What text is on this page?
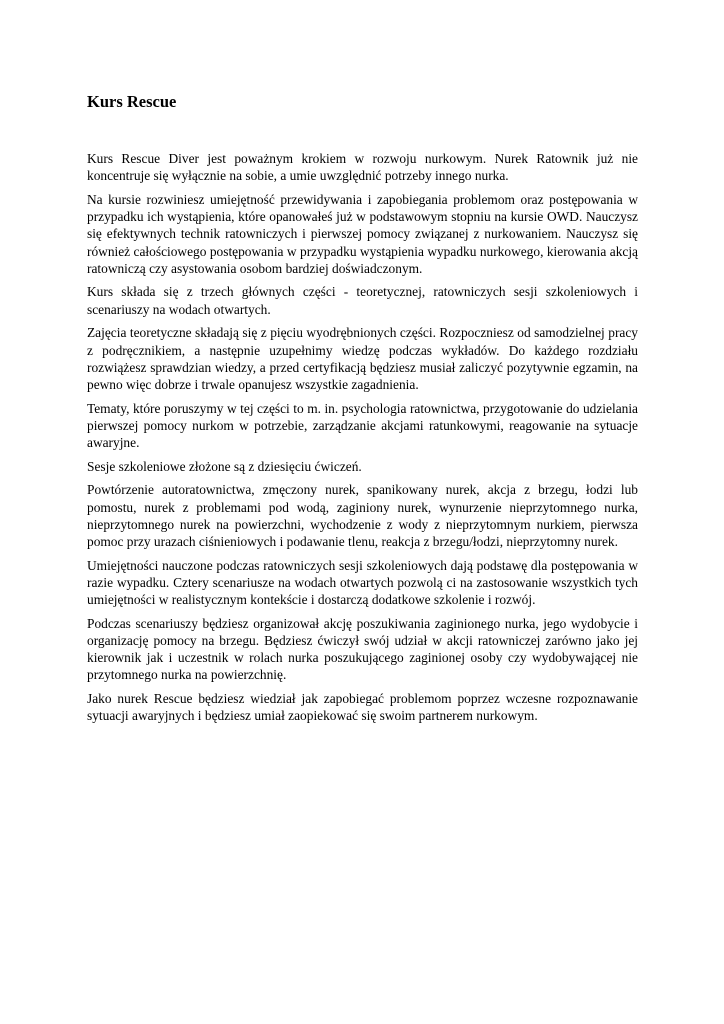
Kurs Rescue

Kurs Rescue Diver jest poważnym krokiem w rozwoju nurkowym. Nurek Ratownik już nie koncentruje się wyłącznie na sobie, a umie uwzględnić potrzeby innego nurka.

Na kursie rozwiniesz umiejętność przewidywania i zapobiegania problemom oraz postępowania w przypadku ich wystąpienia, które opanowałeś już w podstawowym stopniu na kursie OWD. Nauczysz się efektywnych technik ratowniczych i pierwszej pomocy związanej z nurkowaniem. Nauczysz się również całościowego postępowania w przypadku wystąpienia wypadku nurkowego, kierowania akcją ratowniczą czy asystowania osobom bardziej doświadczonym.

Kurs składa się z trzech głównych części - teoretycznej, ratowniczych sesji szkoleniowych i scenariuszy na wodach otwartych.

Zajęcia teoretyczne składają się z pięciu wyodrębnionych części. Rozpoczniesz od samodzielnej pracy z podręcznikiem, a następnie uzupełnimy wiedzę podczas wykładów. Do każdego rozdziału rozwiążesz sprawdzian wiedzy, a przed certyfikacją będziesz musiał zaliczyć pozytywnie egzamin, na pewno więc dobrze i trwale opanujesz wszystkie zagadnienia.

Tematy, które poruszymy w tej części to m. in. psychologia ratownictwa, przygotowanie do udzielania pierwszej pomocy nurkom w potrzebie, zarządzanie akcjami ratunkowymi, reagowanie na sytuacje awaryjne.

Sesje szkoleniowe złożone są z dziesięciu ćwiczeń.

Powtórzenie autoratownictwa, zmęczony nurek, spanikowany nurek, akcja z brzegu, łodzi lub pomostu, nurek z problemami pod wodą, zaginiony nurek, wynurzenie nieprzytomnego nurka, nieprzytomnego nurek na powierzchni, wychodzenie z wody z nieprzytomnym nurkiem, pierwsza pomoc przy urazach ciśnieniowych i podawanie tlenu, reakcja z brzegu/łodzi, nieprzytomny nurek.

Umiejętności nauczone podczas ratowniczych sesji szkoleniowych dają podstawę dla postępowania w razie wypadku. Cztery scenariusze na wodach otwartych pozwolą ci na zastosowanie wszystkich tych umiejętności w realistycznym kontekście i dostarczą dodatkowe szkolenie i rozwój.

Podczas scenariuszy będziesz organizował akcję poszukiwania zaginionego nurka, jego wydobycie i organizację pomocy na brzegu. Będziesz ćwiczył swój udział w akcji ratowniczej zarówno jako jej kierownik jak i uczestnik w rolach nurka poszukującego zaginionej osoby czy wydobywającej nie przytomnego nurka na powierzchnię.

Jako nurek Rescue będziesz wiedział jak zapobiegać problemom poprzez wczesne rozpoznawanie sytuacji awaryjnych i będziesz umiał zaopiekować się swoim partnerem nurkowym.
